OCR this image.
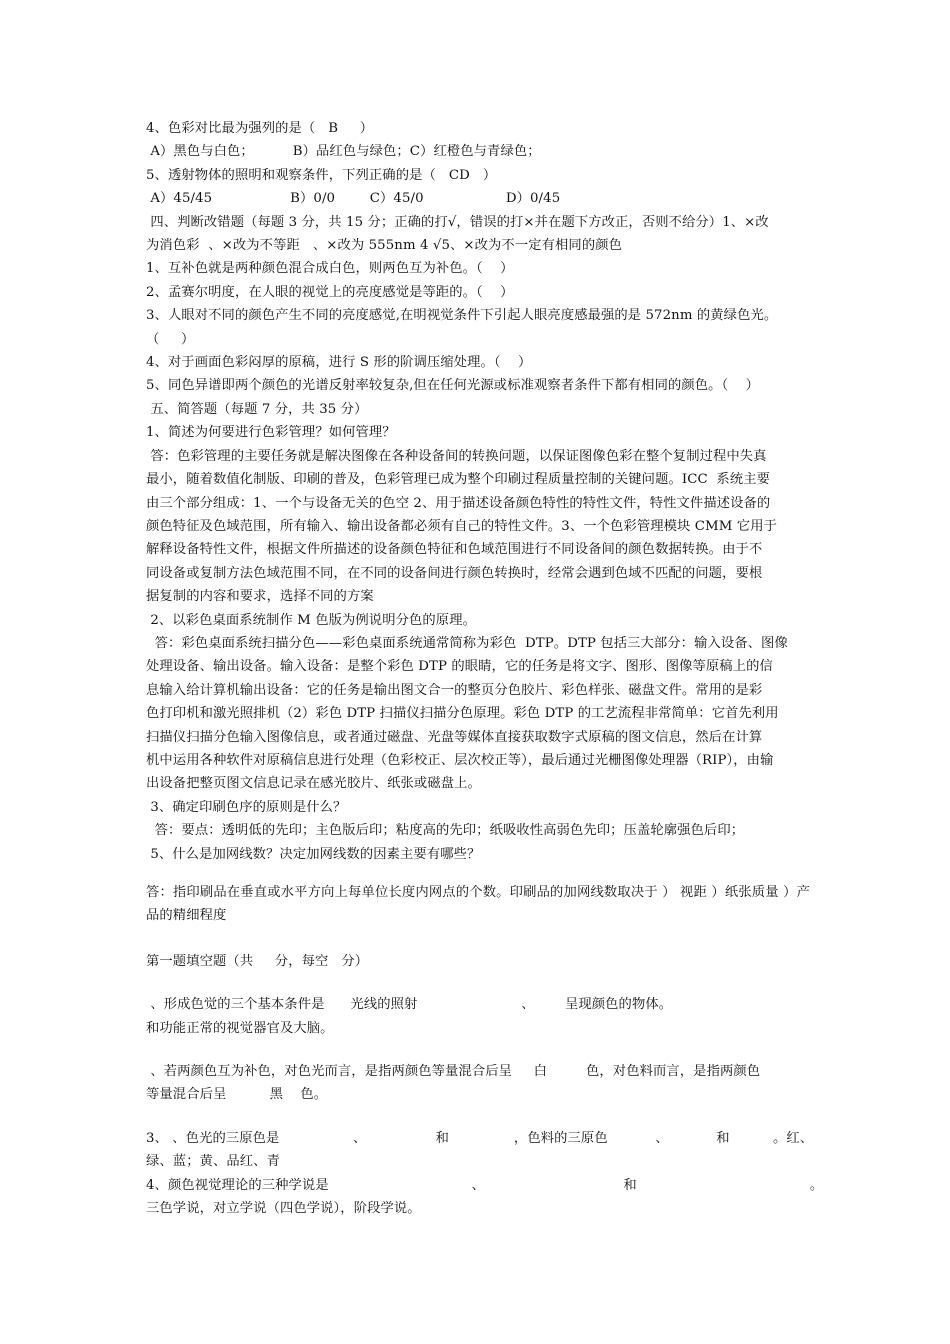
4、色彩对比最为强列的是（   B     ）
A）黑色与白色；         B）品红色与绿色；C）红橙色与青绿色；
5、透射物体的照明和观察条件，下列正确的是（   CD   ）
A）45/45                  B）0/0        C）45/0                   D）0/45
四、判断改错题（每题 3 分，共 15 分；正确的打√，错误的打×并在题下方改正，否则不给分）1、×改
为消色彩  、×改为不等距   、×改为 555nm 4 √5、×改为不一定有相同的颜色
1、互补色就是两种颜色混合成白色，则两色互为补色。（    ）
2、孟赛尔明度，在人眼的视觉上的亮度感觉是等距的。（    ）
3、人眼对不同的颜色产生不同的亮度感觉,在明视觉条件下引起人眼亮度感最强的是 572nm 的黄绿色光。
（     ）
4、对于画面色彩闷厚的原稿，进行 S 形的阶调压缩处理。（    ）
5、同色异谱即两个颜色的光谱反射率较复杂,但在任何光源或标准观察者条件下都有相同的颜色。（    ）
五、简答题（每题 7 分，共 35 分）
1、简述为何要进行色彩管理？如何管理？
答：色彩管理的主要任务就是解决图像在各种设备间的转换问题，以保证图像色彩在整个复制过程中失真
最小，随着数值化制版、印刷的普及，色彩管理已成为整个印刷过程质量控制的关键问题。ICC  系统主要
由三个部分组成：1、一个与设备无关的色空 2、用于描述设备颜色特性的特性文件，特性文件描述设备的
颜色特征及色域范围，所有输入、输出设备都必须有自己的特性文件。3、一个色彩管理模块 CMM 它用于
解释设备特性文件，根据文件所描述的设备颜色特征和色域范围进行不同设备间的颜色数据转换。由于不
同设备或复制方法色域范围不同，在不同的设备间进行颜色转换时，经常会遇到色域不匹配的问题，要根
据复制的内容和要求，选择不同的方案
2、以彩色桌面系统制作 M 色版为例说明分色的原理。
答：彩色桌面系统扫描分色——彩色桌面系统通常简称为彩色  DTP。DTP 包括三大部分：输入设备、图像
处理设备、输出设备。输入设备：是整个彩色 DTP 的眼睛，它的任务是将文字、图形、图像等原稿上的信
息输入给计算机输出设备：它的任务是输出图文合一的整页分色胶片、彩色样张、磁盘文件。常用的是彩
色打印机和激光照排机（2）彩色 DTP 扫描仪扫描分色原理。彩色 DTP 的工艺流程非常简单：它首先利用
扫描仪扫描分色输入图像信息，或者通过磁盘、光盘等媒体直接获取数字式原稿的图文信息，然后在计算
机中运用各种软件对原稿信息进行处理（色彩校正、层次校正等），最后通过光栅图像处理器（RIP），由输
出设备把整页图文信息记录在感光胶片、纸张或磁盘上。
3、确定印刷色序的原则是什么？
答：要点：透明低的先印；主色版后印；粘度高的先印；纸吸收性高弱色先印；压盖轮廓强色后印；
5、什么是加网线数？决定加网线数的因素主要有哪些？

答：指印刷品在垂直或水平方向上每单位长度内网点的个数。印刷品的加网线数取决于 ） 视距 ）纸张质量 ）产品的精细程度

第一题填空题（共     分，每空   分）
、形成色觉的三个基本条件是      光线的照射                        、       呈现颜色的物体。
和功能正常的视觉器官及大脑。
、若两颜色互为补色，对色光而言，是指两颜色等量混合后呈     白         色，对色料而言，是指两颜色
等量混合后呈          黑    色。
3、 、色光的三原色是                 、                和               ，色料的三原色           、           和          。红、
绿、蓝；黄、品红、青
4、颜色视觉理论的三种学说是                                 、                                和                                        。
三色学说，对立学说（四色学说），阶段学说。
